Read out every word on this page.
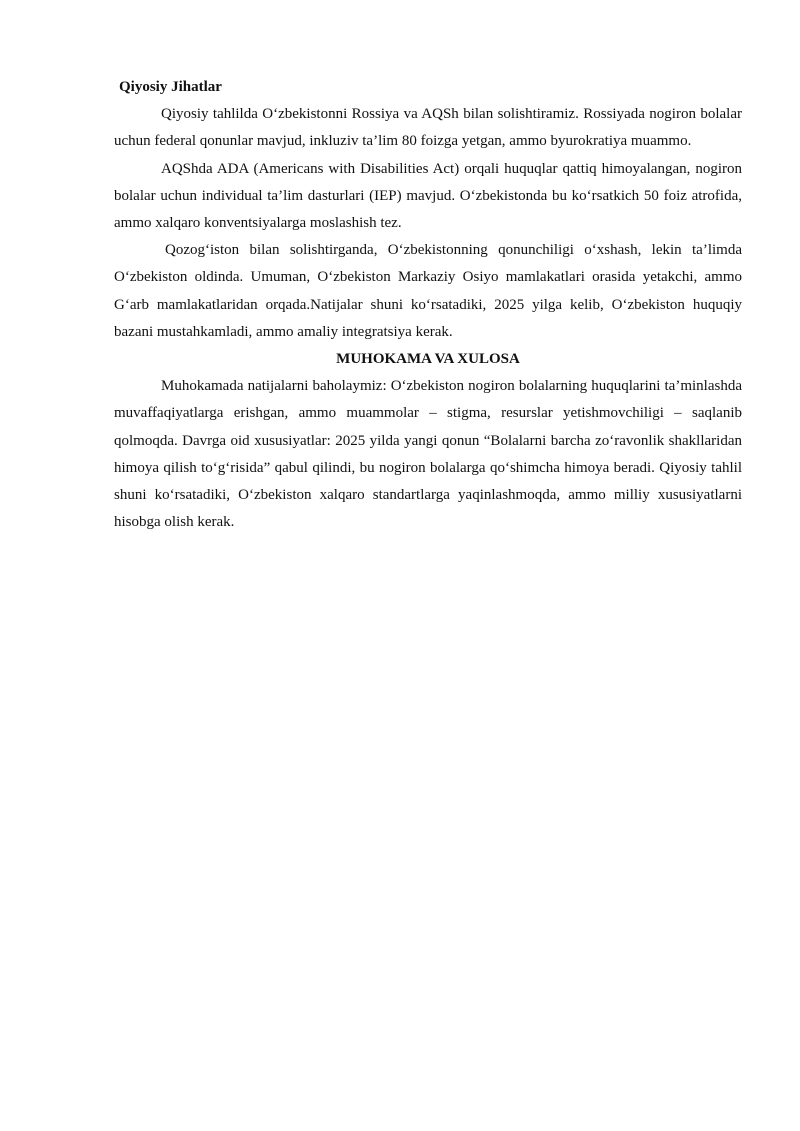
Qiyosiy Jihatlar

Qiyosiy tahlilda O‘zbekistonni Rossiya va AQSh bilan solishtiramiz. Rossiyada nogiron bolalar uchun federal qonunlar mavjud, inkluziv ta’lim 80 foizga yetgan, ammo byurokratiya muammo.

AQShda ADA (Americans with Disabilities Act) orqali huquqlar qattiq himoyalangan, nogiron bolalar uchun individual ta’lim dasturlari (IEP) mavjud. O‘zbekistonda bu ko‘rsatkich 50 foiz atrofida, ammo xalqaro konventsiyalarga moslashish tez.

Qozog‘iston bilan solishtirganda, O‘zbekistonning qonunchiligi o‘xshash, lekin ta’limda O‘zbekiston oldinda. Umuman, O‘zbekiston Markaziy Osiyo mamlakatlari orasida yetakchi, ammo G‘arb mamlakatlaridan orqada.Natijalar shuni ko‘rsatadiki, 2025 yilga kelib, O‘zbekiston huquqiy bazani mustahkamladi, ammo amaliy integratsiya kerak.

MUHOKAMA VA XULOSA

Muhokamada natijalarni baholaymiz: O‘zbekiston nogiron bolalarning huquqlarini ta’minlashda muvaffaqiyatlarga erishgan, ammo muammolar – stigma, resurslar yetishmovchiligi – saqlanib qolmoqda. Davrga oid xususiyatlar: 2025 yilda yangi qonun “Bolalarni barcha zo‘ravonlik shakllaridan himoya qilish to‘g‘risida” qabul qilindi, bu nogiron bolalarga qo‘shimcha himoya beradi. Qiyosiy tahlil shuni ko‘rsatadiki, O‘zbekiston xalqaro standartlarga yaqinlashmoqda, ammo milliy xususiyatlarni hisobga olish kerak.
